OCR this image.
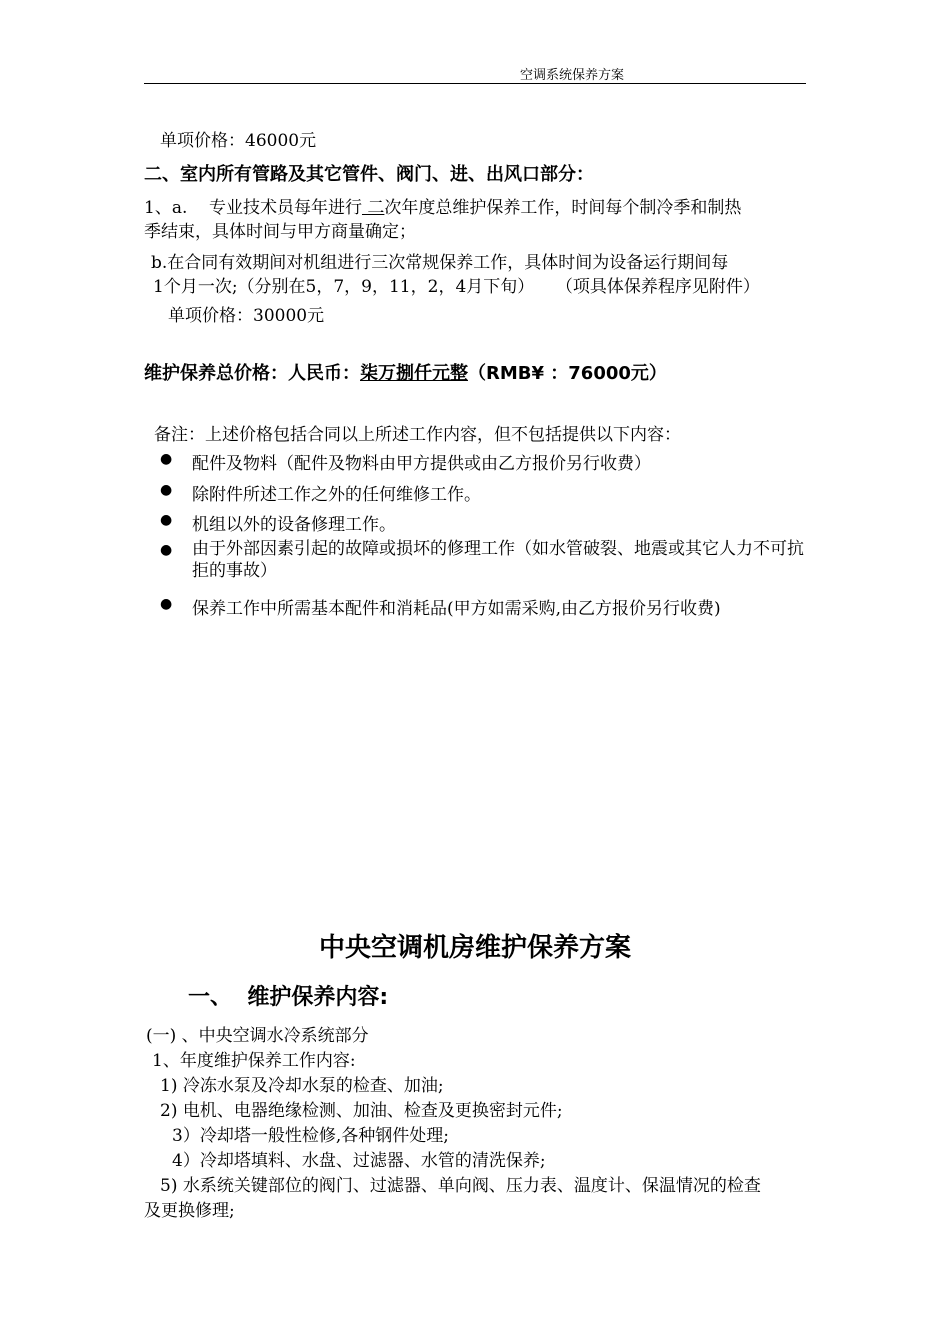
空调系统保养方案
单项价格：46000元
二、室内所有管路及其它管件、阀门、进、出风口部分：
1、a.    专业技术员每年进行 二次年度总维护保养工作，时间每个制冷季和制热
季结束，具体时间与甲方商量确定；
b.在合同有效期间对机组进行三次常规保养工作，具体时间为设备运行期间每
1个月一次;（分别在5，7，9，11，2，4月下旬）    （项具体保养程序见附件）
单项价格：30000元
维护保养总价格：人民币：柒万捌仟元整（RMB¥ ：76000元）
备注：上述价格包括合同以上所述工作内容，但不包括提供以下内容：
● 配件及物料（配件及物料由甲方提供或由乙方报价另行收费）
● 除附件所述工作之外的任何维修工作。
● 机组以外的设备修理工作。
● 由于外部因素引起的故障或损坏的修理工作（如水管破裂、地震或其它人力不可抗拒的事故）
● 保养工作中所需基本配件和消耗品(甲方如需采购,由乙方报价另行收费)
中央空调机房维护保养方案
一、  维护保养内容:
(一) 、中央空调水冷系统部分
1、年度维护保养工作内容:
1) 冷冻水泵及冷却水泵的检查、加油;
2) 电机、电器绝缘检测、加油、检查及更换密封元件;
3）冷却塔一般性检修,各种钢件处理;
4）冷却塔填料、水盘、过滤器、水管的清洗保养;
5) 水系统关键部位的阀门、过滤器、单向阀、压力表、温度计、保温情况的检查
及更换修理;
